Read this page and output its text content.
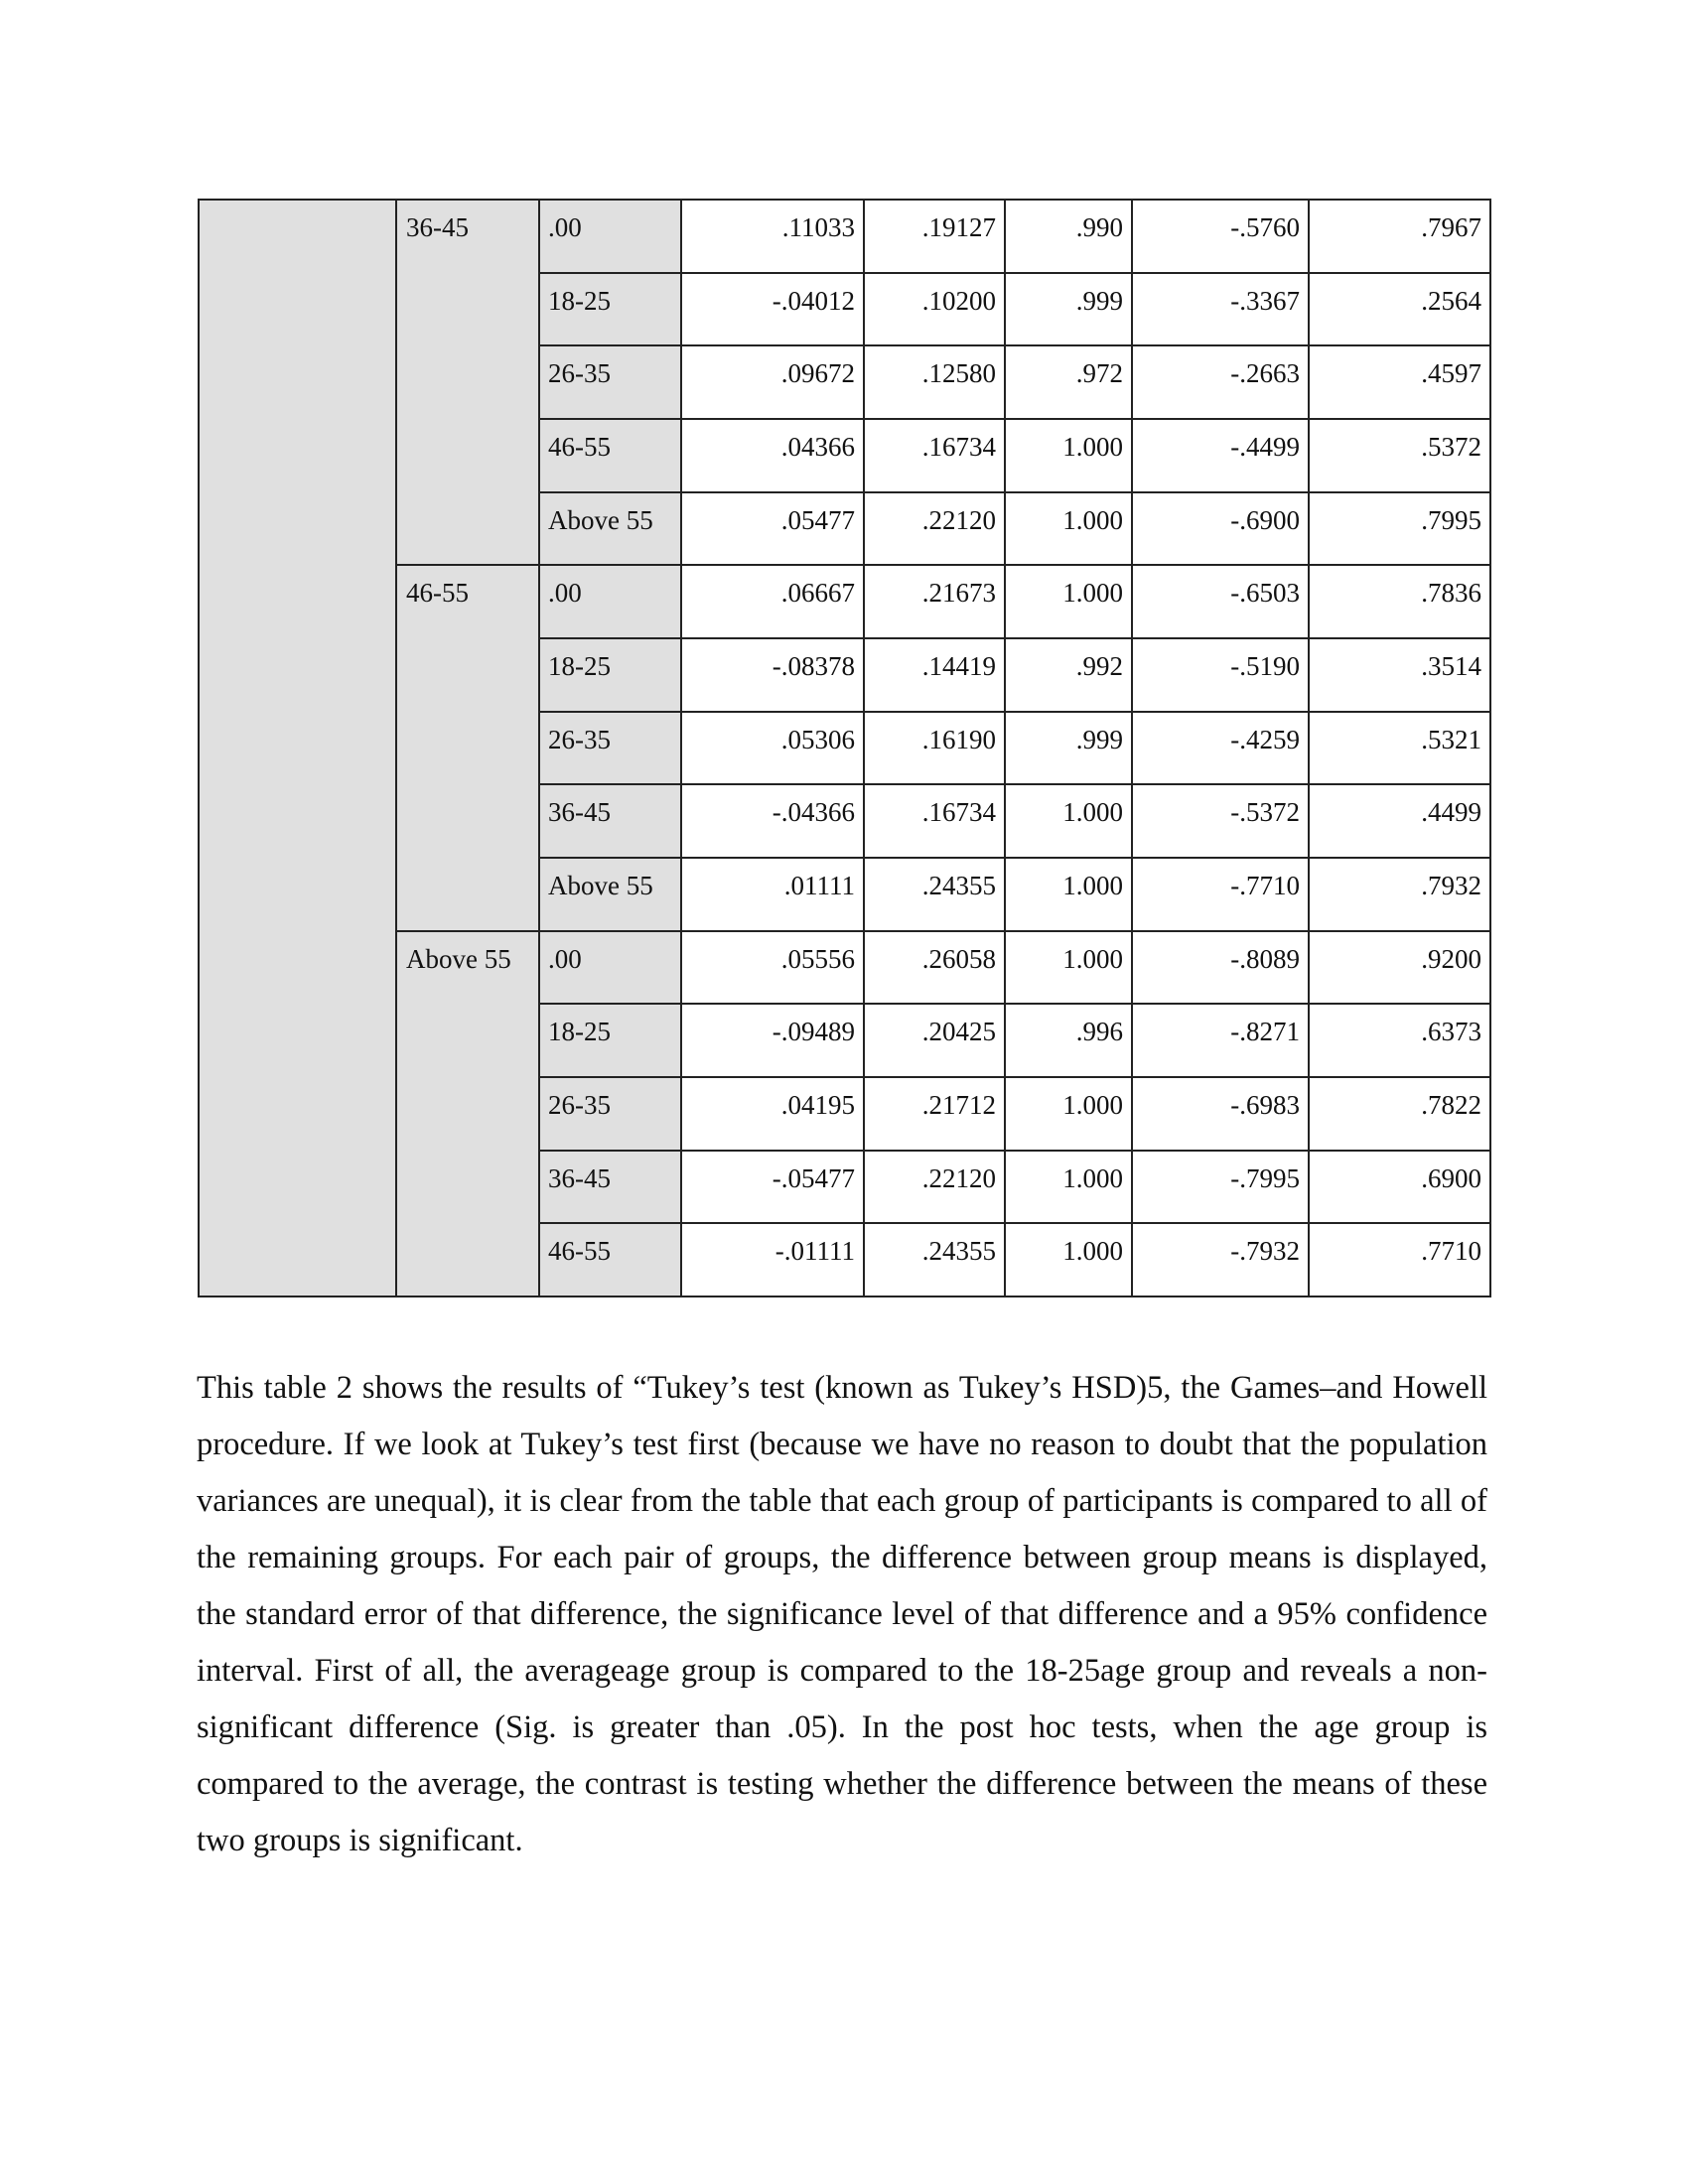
	36-45	.00	.11033	.19127	.990	-.5760	.7967
		18-25	-.04012	.10200	.999	-.3367	.2564
		26-35	.09672	.12580	.972	-.2663	.4597
		46-55	.04366	.16734	1.000	-.4499	.5372
		Above 55	.05477	.22120	1.000	-.6900	.7995
	46-55	.00	.06667	.21673	1.000	-.6503	.7836
		18-25	-.08378	.14419	.992	-.5190	.3514
		26-35	.05306	.16190	.999	-.4259	.5321
		36-45	-.04366	.16734	1.000	-.5372	.4499
		Above 55	.01111	.24355	1.000	-.7710	.7932
	Above 55	.00	.05556	.26058	1.000	-.8089	.9200
		18-25	-.09489	.20425	.996	-.8271	.6373
		26-35	.04195	.21712	1.000	-.6983	.7822
		36-45	-.05477	.22120	1.000	-.7995	.6900
		46-55	-.01111	.24355	1.000	-.7932	.7710

This table 2 shows the results of “Tukey’s test (known as Tukey’s HSD)5, the Games–and Howell procedure. If we look at Tukey’s test first (because we have no reason to doubt that the population variances are unequal), it is clear from the table that each group of participants is compared to all of the remaining groups. For each pair of groups, the difference between group means is displayed, the standard error of that difference, the significance level of that difference and a 95% confidence interval. First of all, the averageage group is compared to the 18-25age group and reveals a non-significant difference (Sig. is greater than .05). In the post hoc tests, when the age group is compared to the average, the contrast is testing whether the difference between the means of these two groups is significant.
